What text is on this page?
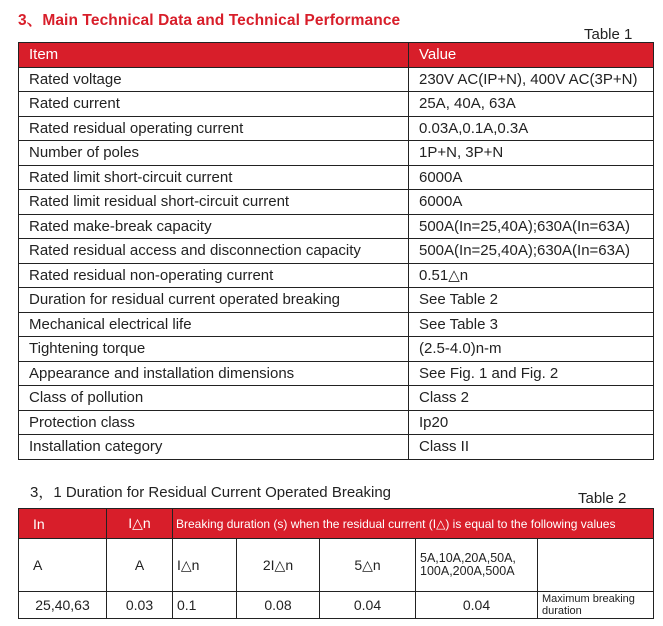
3、Main Technical Data and Technical Performance
Table 1
Item	Value
Rated voltage	230V AC(IP+N), 400V AC(3P+N)
Rated current	25A, 40A, 63A
Rated residual operating current	0.03A,0.1A,0.3A
Number of poles	1P+N, 3P+N
Rated limit short-circuit current	6000A
Rated limit residual short-circuit current	6000A
Rated make-break capacity	500A(In=25,40A);630A(In=63A)
Rated residual access and disconnection capacity	500A(In=25,40A);630A(In=63A)
Rated residual non-operating current	0.51△n
Duration for residual current operated breaking	See Table 2
Mechanical electrical life	See Table 3
Tightening torque	(2.5-4.0)n-m
Appearance and installation dimensions	See Fig. 1 and Fig. 2
Class of pollution	Class 2
Protection class	Ip20
Installation category	Class II
3，1 Duration for Residual Current Operated Breaking	Table 2
In	I△n	Breaking duration (s) when the residual current (I△) is equal to the following values				
A	A	I△n	2I△n	5△n	5A,10A,20A,50A,
100A,200A,500A	
25,40,63	0.03	0.1	0.08	0.04	0.04	Maximum breaking duration
